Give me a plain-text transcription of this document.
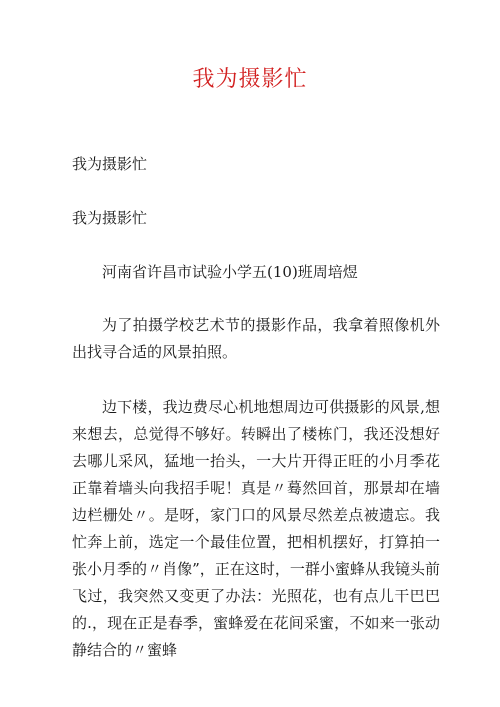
我为摄影忙
我为摄影忙
我为摄影忙
河南省许昌市试验小学五(10)班周培煜
为了拍摄学校艺术节的摄影作品，我拿着照像机外出找寻合适的风景拍照。
边下楼，我边费尽心机地想周边可供摄影的风景,想来想去，总觉得不够好。转瞬出了楼栋门，我还没想好去哪儿采风，猛地一抬头，一大片开得正旺的小月季花正靠着墙头向我招手呢！真是〃蓦然回首，那景却在墙边栏栅处〃。是呀，家门口的风景尽然差点被遗忘。我忙奔上前，选定一个最佳位置，把相机摆好，打算拍一张小月季的〃肖像”，正在这时，一群小蜜蜂从我镜头前飞过，我突然又变更了办法：光照花，也有点儿干巴巴的.，现在正是春季，蜜蜂爱在花间采蜜，不如来一张动静结合的〃蜜蜂
